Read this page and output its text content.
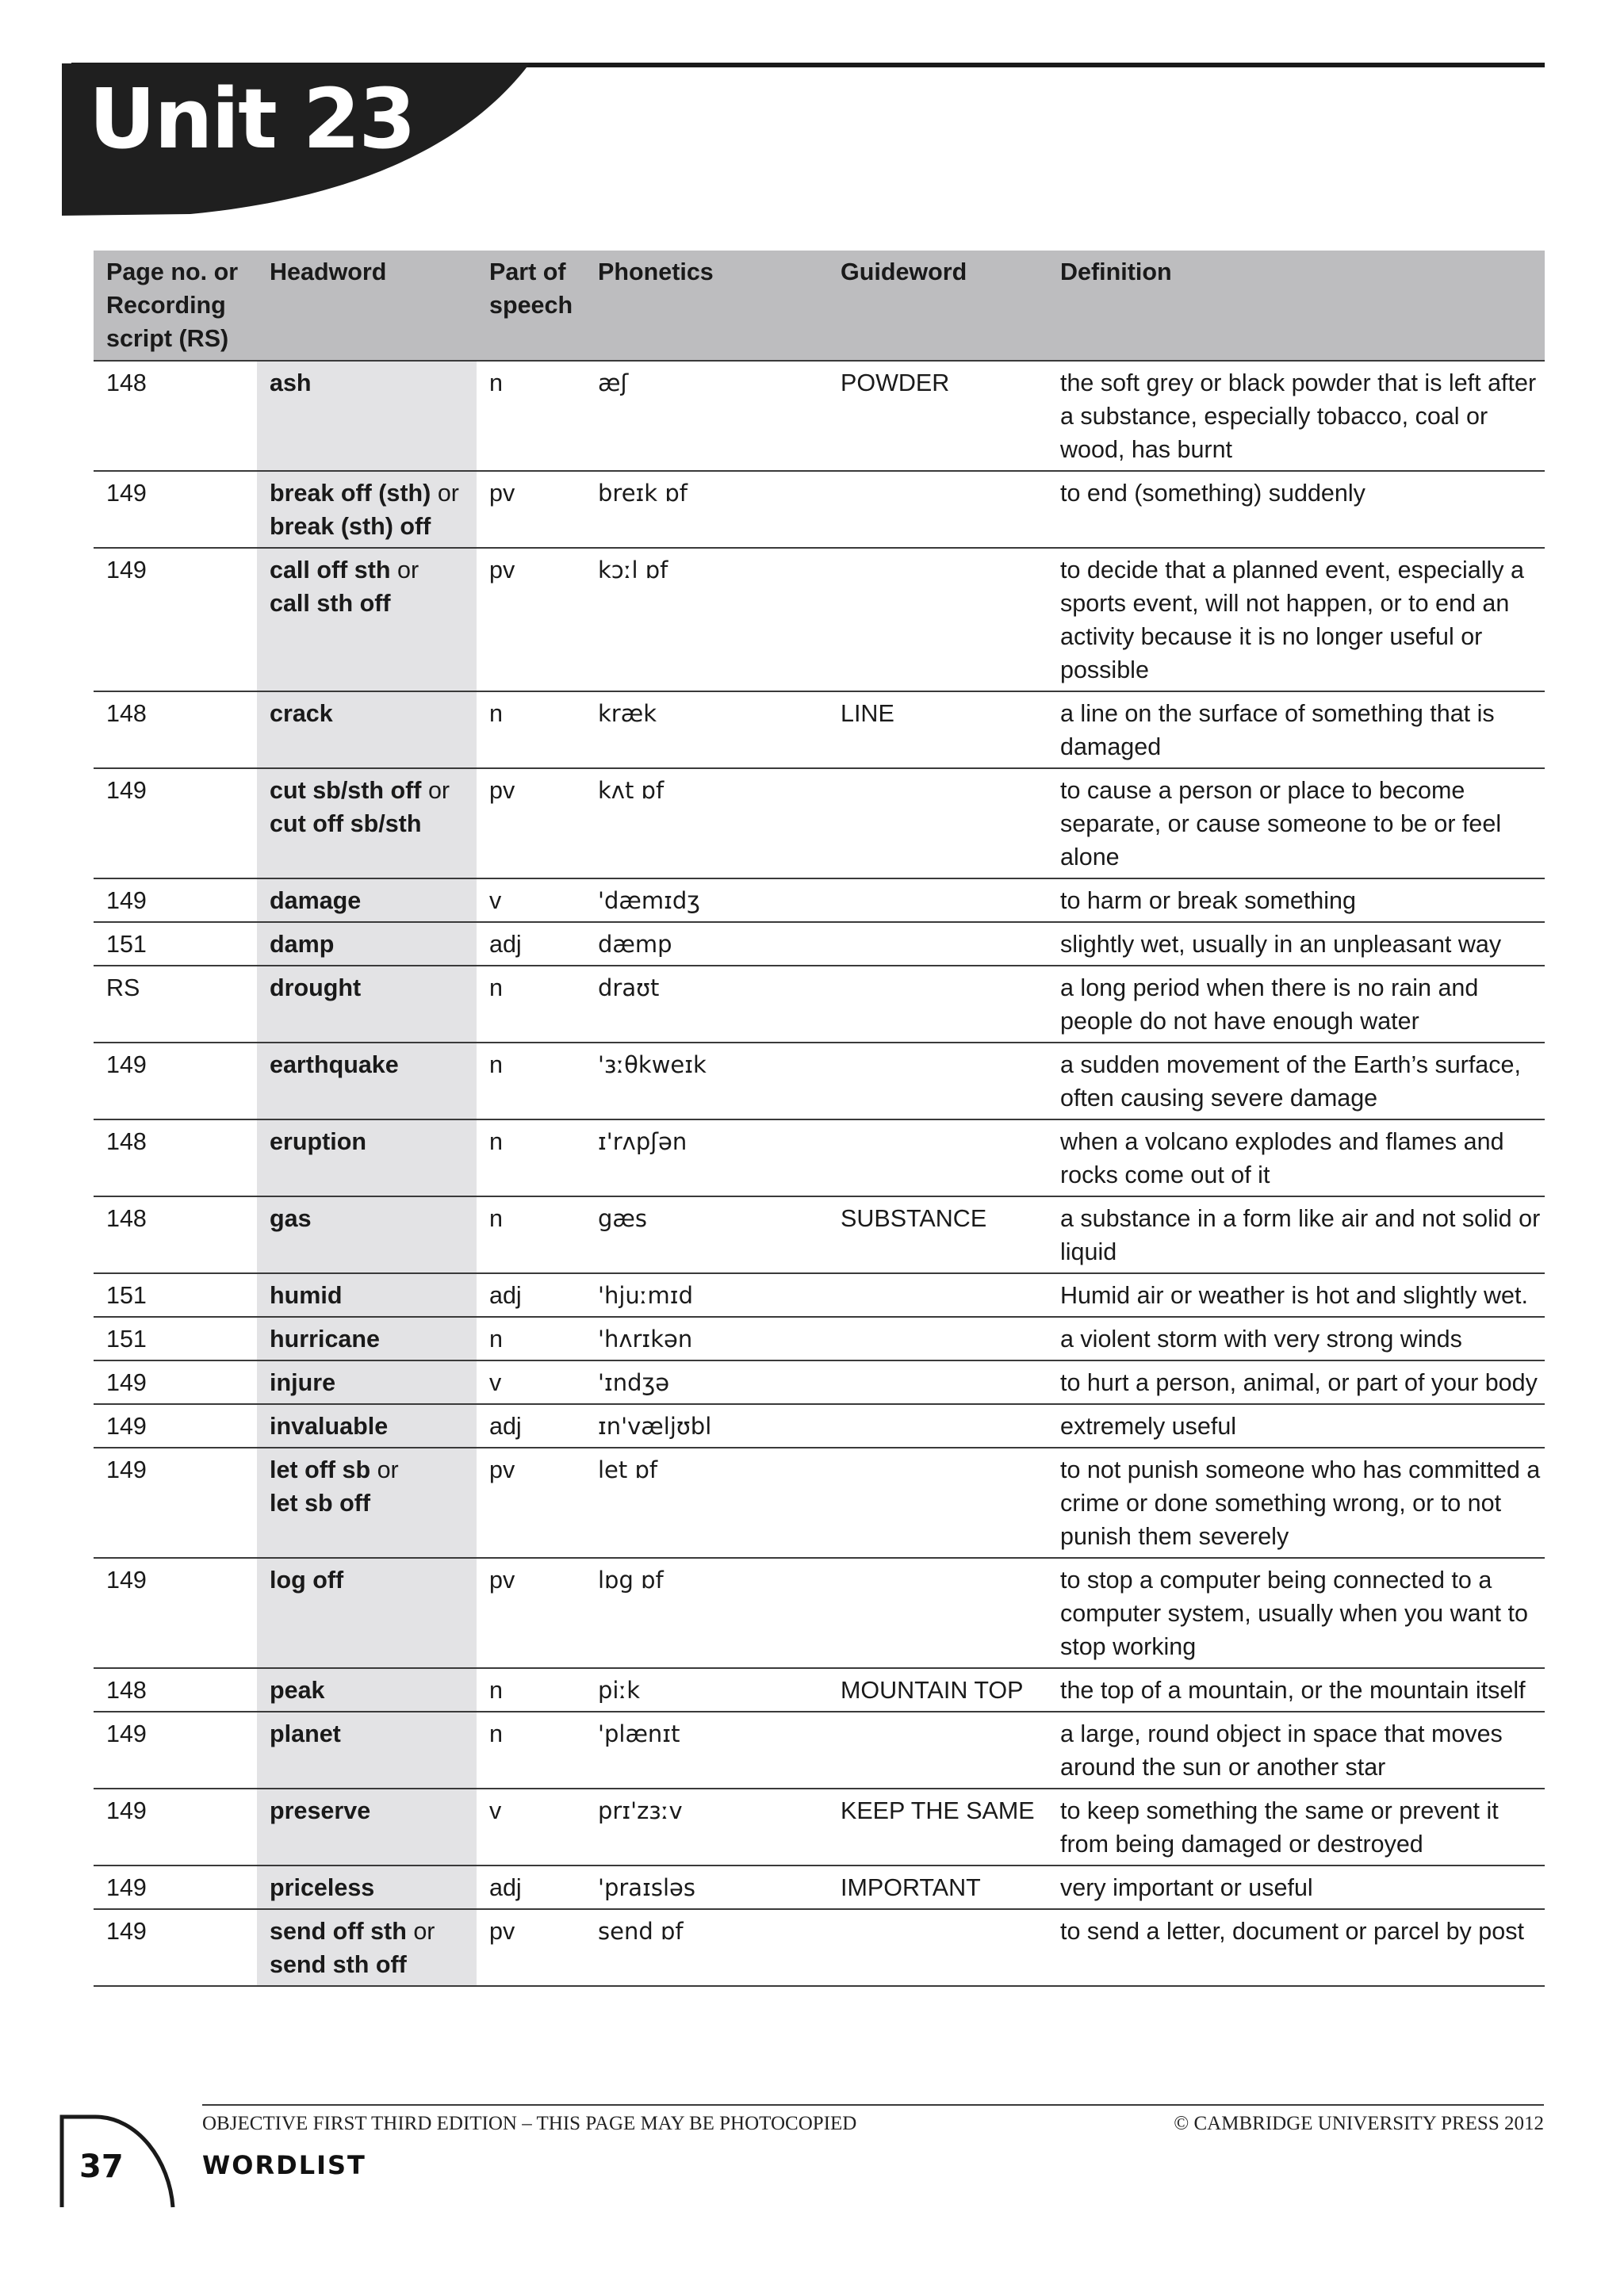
Unit 23
Page no. or Recording script (RS)	Headword	Part of speech	Phonetics	Guideword	Definition
148	ash	n	æʃ	POWDER	the soft grey or black powder that is left after a substance, especially tobacco, coal or wood, has burnt
149	break off (sth) or
break (sth) off	pv	breɪk ɒf		to end (something) suddenly
149	call off sth or
call sth off	pv	kɔːl ɒf		to decide that a planned event, especially a sports event, will not happen, or to end an activity because it is no longer useful or possible
148	crack	n	kræk	LINE	a line on the surface of something that is damaged
149	cut sb/sth off or
cut off sb/sth	pv	kʌt ɒf		to cause a person or place to become separate, or cause someone to be or feel alone
149	damage	v	'dæmɪdʒ		to harm or break something
151	damp	adj	dæmp		slightly wet, usually in an unpleasant way
RS	drought	n	draʊt		a long period when there is no rain and people do not have enough water
149	earthquake	n	'ɜːθkweɪk		a sudden movement of the Earth’s surface, often causing severe damage
148	eruption	n	ɪ'rʌpʃən		when a volcano explodes and flames and rocks come out of it
148	gas	n	gæs	SUBSTANCE	a substance in a form like air and not solid or liquid
151	humid	adj	'hjuːmɪd		Humid air or weather is hot and slightly wet.
151	hurricane	n	'hʌrɪkən		a violent storm with very strong winds
149	injure	v	'ɪndʒə		to hurt a person, animal, or part of your body
149	invaluable	adj	ɪn'væljʊbl		extremely useful
149	let off sb or
let sb off	pv	let ɒf		to not punish someone who has committed a crime or done something wrong, or to not punish them severely
149	log off	pv	lɒg ɒf		to stop a computer being connected to a computer system, usually when you want to stop working
148	peak	n	piːk	MOUNTAIN TOP	the top of a mountain, or the mountain itself
149	planet	n	'plænɪt		a large, round object in space that moves around the sun or another star
149	preserve	v	prɪ'zɜːv	KEEP THE SAME	to keep something the same or prevent it from being damaged or destroyed
149	priceless	adj	'praɪsləs	IMPORTANT	very important or useful
149	send off sth or
send sth off	pv	send ɒf		to send a letter, document or parcel by post
OBJECTIVE FIRST THIRD EDITION – THIS PAGE MAY BE PHOTOCOPIED	© CAMBRIDGE UNIVERSITY PRESS 2012
37	WORDLIST
